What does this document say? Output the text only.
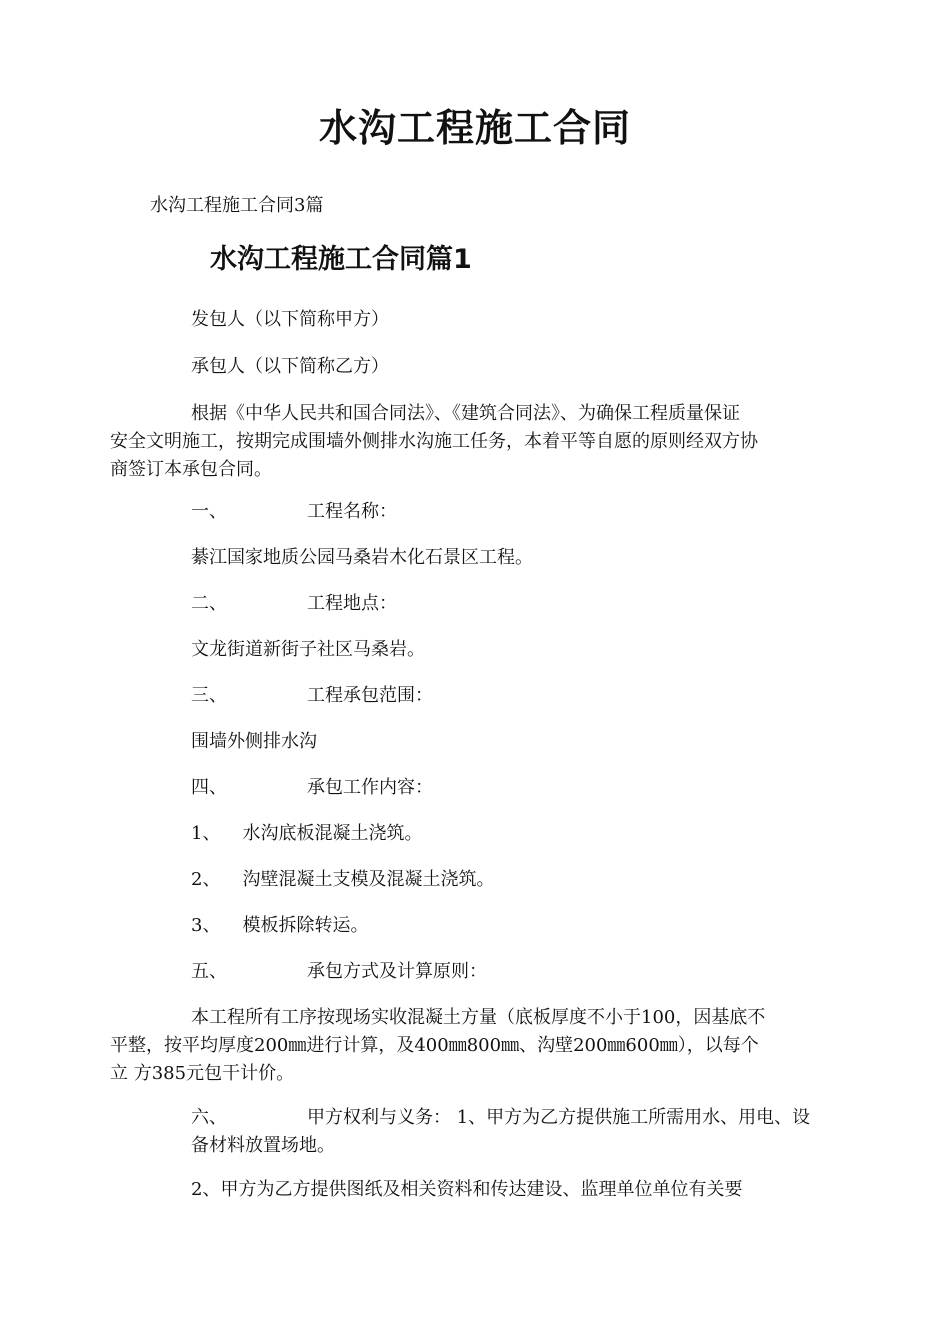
水沟工程施工合同
水沟工程施工合同3篇
水沟工程施工合同篇1
发包人（以下简称甲方）
承包人（以下简称乙方）
根据《中华人民共和国合同法》、《建筑合同法》、为确保工程质量保证
安全文明施工，按期完成围墙外侧排水沟施工任务，本着平等自愿的原则经双方协
商签订本承包合同。
一、	工程名称：
綦江国家地质公园马桑岩木化石景区工程。
二、	工程地点：
文龙街道新街子社区马桑岩。
三、	工程承包范围：
围墙外侧排水沟
四、	承包工作内容：
1、 水沟底板混凝土浇筑。
2、 沟壁混凝土支模及混凝土浇筑。
3、 模板拆除转运。
五、	承包方式及计算原则：
本工程所有工序按现场实收混凝土方量（底板厚度不小于100，因基底不
平整，按平均厚度200㎜进行计算，及400㎜800㎜、沟壁200㎜600㎜），以每个
立 方385元包干计价。
六、	甲方权利与义务： 1、甲方为乙方提供施工所需用水、用电、设
备材料放置场地。
2、甲方为乙方提供图纸及相关资料和传达建设、监理单位单位有关要
